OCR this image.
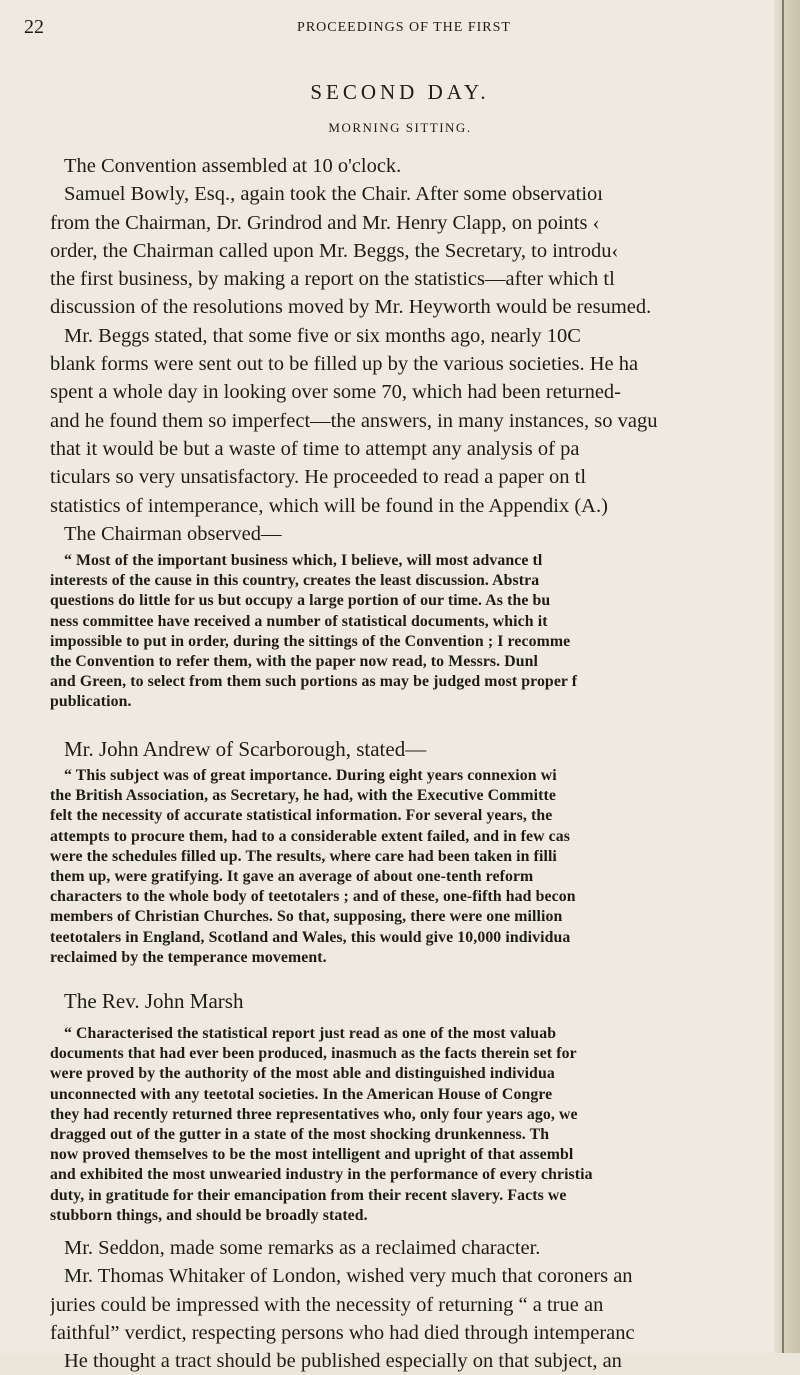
22	PROCEEDINGS OF THE FIRST
SECOND DAY.
MORNING SITTING.
The Convention assembled at 10 o'clock.
Samuel Bowly, Esq., again took the Chair. After some observatioı
from the Chairman, Dr. Grindrod and Mr. Henry Clapp, on points ‹
order, the Chairman called upon Mr. Beggs, the Secretary, to introdu‹
the first business, by making a report on the statistics—after which tl
discussion of the resolutions moved by Mr. Heyworth would be resumed.
Mr. Beggs stated, that some five or six months ago, nearly 10C
blank forms were sent out to be filled up by the various societies. He ha
spent a whole day in looking over some 70, which had been returned-
and he found them so imperfect—the answers, in many instances, so vagu
that it would be but a waste of time to attempt any analysis of pa
ticulars so very unsatisfactory. He proceeded to read a paper on tl
statistics of intemperance, which will be found in the Appendix (A.)
The Chairman observed—
“ Most of the important business which, I believe, will most advance tl
interests of the cause in this country, creates the least discussion. Abstra
questions do little for us but occupy a large portion of our time. As the bu
ness committee have received a number of statistical documents, which it
impossible to put in order, during the sittings of the Convention ; I recomme
the Convention to refer them, with the paper now read, to Messrs. Dunl
and Green, to select from them such portions as may be judged most proper f
publication.
Mr. John Andrew of Scarborough, stated—
“ This subject was of great importance. During eight years connexion wi
the British Association, as Secretary, he had, with the Executive Committe
felt the necessity of accurate statistical information. For several years, the
attempts to procure them, had to a considerable extent failed, and in few cas
were the schedules filled up. The results, where care had been taken in filli
them up, were gratifying. It gave an average of about one-tenth reform
characters to the whole body of teetotalers ; and of these, one-fifth had becon
members of Christian Churches. So that, supposing, there were one million
teetotalers in England, Scotland and Wales, this would give 10,000 individua
reclaimed by the temperance movement.
The Rev. John Marsh
“ Characterised the statistical report just read as one of the most valuab
documents that had ever been produced, inasmuch as the facts therein set for
were proved by the authority of the most able and distinguished individua
unconnected with any teetotal societies. In the American House of Congre
they had recently returned three representatives who, only four years ago, we
dragged out of the gutter in a state of the most shocking drunkenness. Th
now proved themselves to be the most intelligent and upright of that assembl
and exhibited the most unwearied industry in the performance of every christia
duty, in gratitude for their emancipation from their recent slavery. Facts we
stubborn things, and should be broadly stated.
Mr. Seddon, made some remarks as a reclaimed character.
Mr. Thomas Whitaker of London, wished very much that coroners an
juries could be impressed with the necessity of returning “ a true an
faithful” verdict, respecting persons who had died through intemperanc
He thought a tract should be published especially on that subject, an
